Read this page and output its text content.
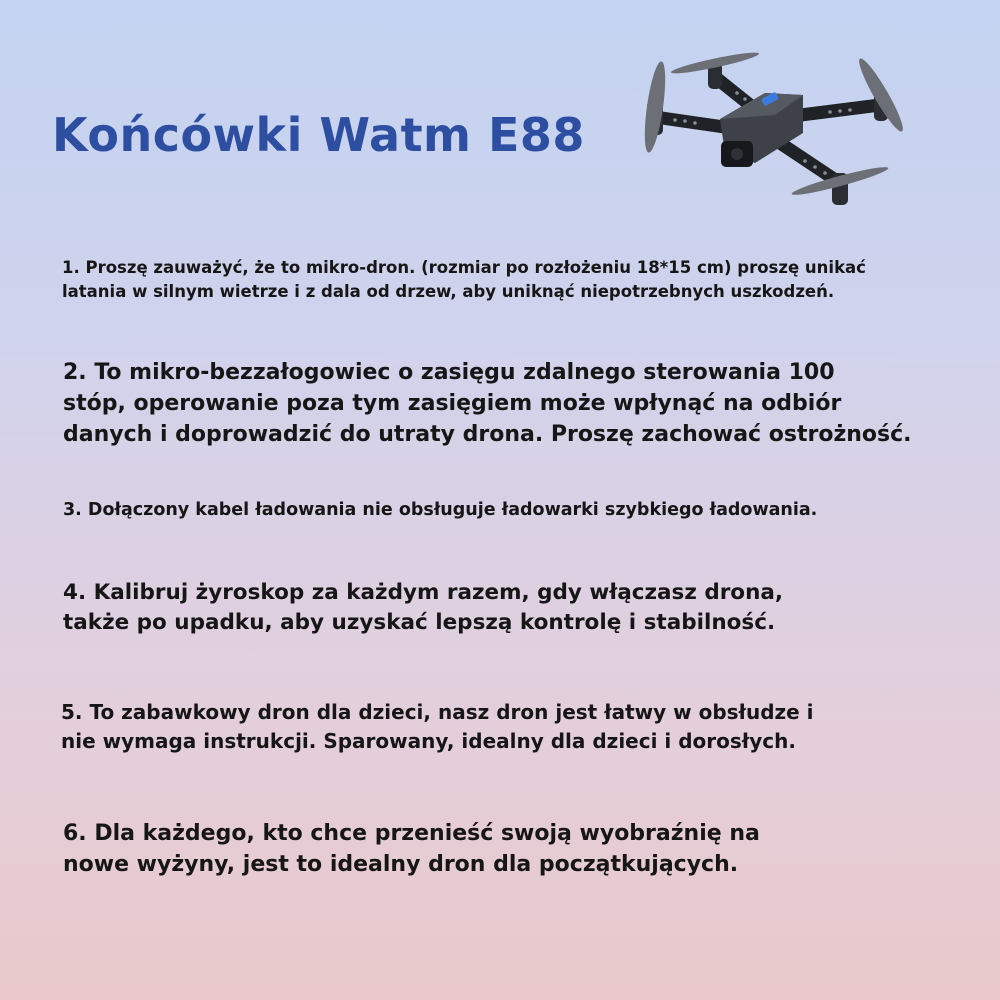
Końcówki Watm E88

1. Proszę zauważyć, że to mikro-dron. (rozmiar po rozłożeniu 18*15 cm) proszę unikać
latania w silnym wietrze i z dala od drzew, aby uniknąć niepotrzebnych uszkodzeń.

2. To mikro-bezzałogowiec o zasięgu zdalnego sterowania 100
stóp, operowanie poza tym zasięgiem może wpłynąć na odbiór
danych i doprowadzić do utraty drona. Proszę zachować ostrożność.

3. Dołączony kabel ładowania nie obsługuje ładowarki szybkiego ładowania.

4. Kalibruj żyroskop za każdym razem, gdy włączasz drona,
także po upadku, aby uzyskać lepszą kontrolę i stabilność.

5. To zabawkowy dron dla dzieci, nasz dron jest łatwy w obsłudze i
nie wymaga instrukcji. Sparowany, idealny dla dzieci i dorosłych.

6. Dla każdego, kto chce przenieść swoją wyobraźnię na
nowe wyżyny, jest to idealny dron dla początkujących.
